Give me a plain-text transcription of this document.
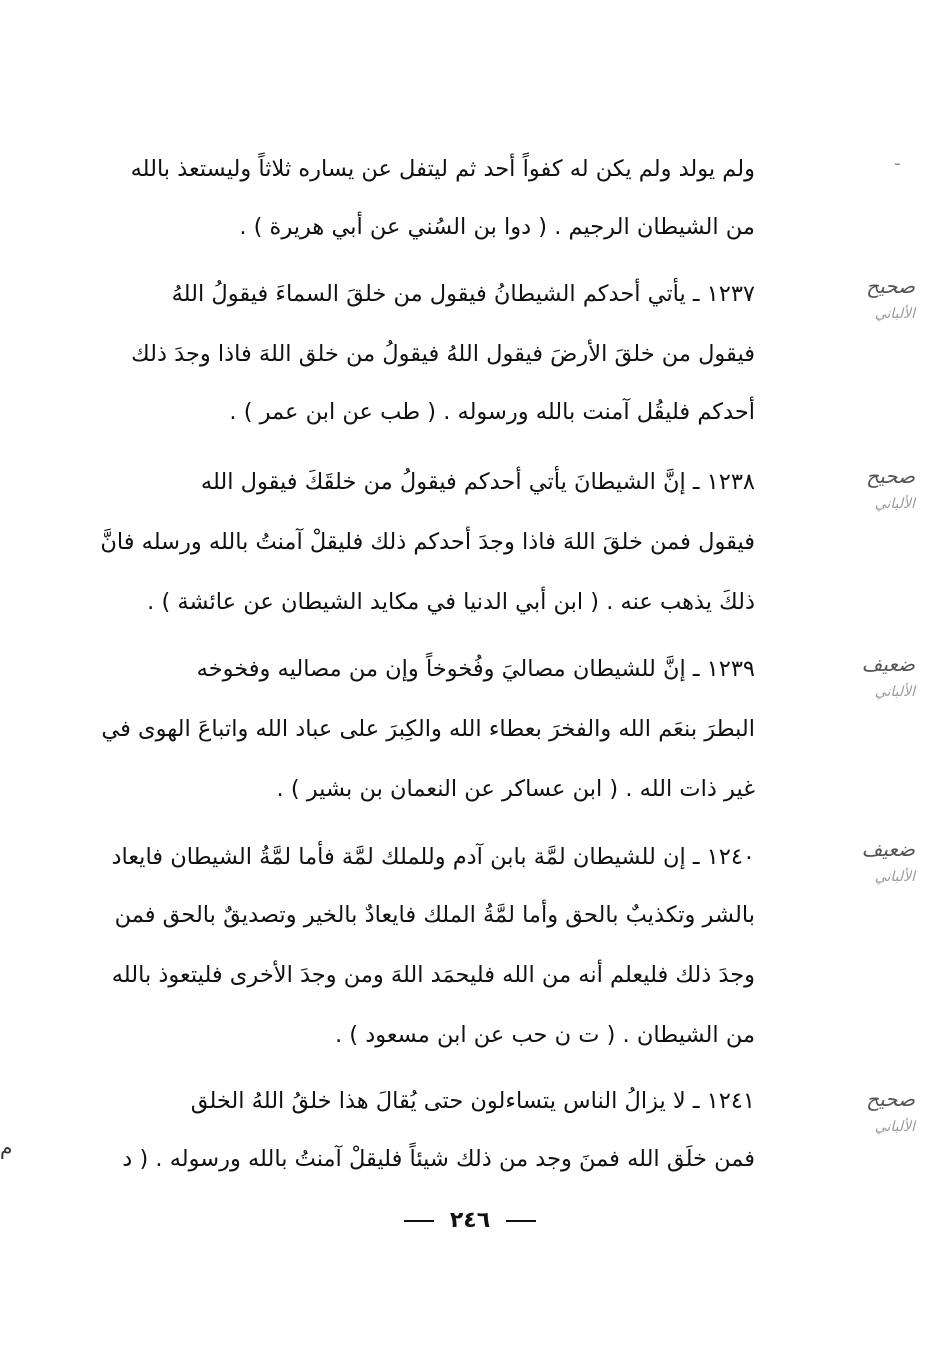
ـ
ولم يولد ولم يكن له كفواً أحد ثم ليتفل عن يساره ثلاثاً وليستعذ بالله
من الشيطان الرجيم . ( دوا بن السُني عن أبي هريرة ) .
١٢٣٧ ـ يأتي أحدكم الشيطانُ فيقول من خلقَ السماءَ فيقولُ اللهُ
فيقول من خلقَ الأرضَ فيقول اللهُ فيقولُ من خلق اللهَ فاذا وجدَ ذلك
أحدكم فليقُل آمنت بالله ورسوله . ( طب عن ابن عمر ) .
١٢٣٨ ـ إنَّ الشيطانَ يأتي أحدكم فيقولُ من خلقَكَ فيقول الله
فيقول فمن خلقَ اللهَ فاذا وجدَ أحدكم ذلك فليقلْ آمنتُ بالله ورسله فانَّ
ذلكَ يذهب عنه . ( ابن أبي الدنيا في مكايد الشيطان عن عائشة ) .
١٢٣٩ ـ إنَّ للشيطان مصاليَ وفُخوخاً وإن من مصاليه وفخوخه
البطرَ بنعَم الله والفخرَ بعطاء الله والكِبرَ على عباد الله واتباعَ الهوى في
غير ذات الله . ( ابن عساكر عن النعمان بن بشير ) .
١٢٤٠ ـ إن للشيطان لمَّة بابن آدم وللملك لمَّة فأما لمَّةُ الشيطان فايعاد
بالشر وتكذيبٌ بالحق وأما لمَّةُ الملك فايعادٌ بالخير وتصديقٌ بالحق فمن
وجدَ ذلك فليعلم أنه من الله فليحمَد اللهَ ومن وجدَ الأخرى فليتعوذ بالله
من الشيطان . ( ت ن حب عن ابن مسعود ) .
١٢٤١ ـ لا يزالُ الناس يتساءلون حتى يُقالَ هذا خلقُ اللهُ الخلق
فمن خلَق الله فمنَ وجد من ذلك شيئاً فليقلْ آمنتُ بالله ورسوله . ( د
صحيح
الألباني
صحيح
الألباني
ضعيف
الألباني
ضعيف
الألباني
صحيح
الألباني
م
٢٤٦
